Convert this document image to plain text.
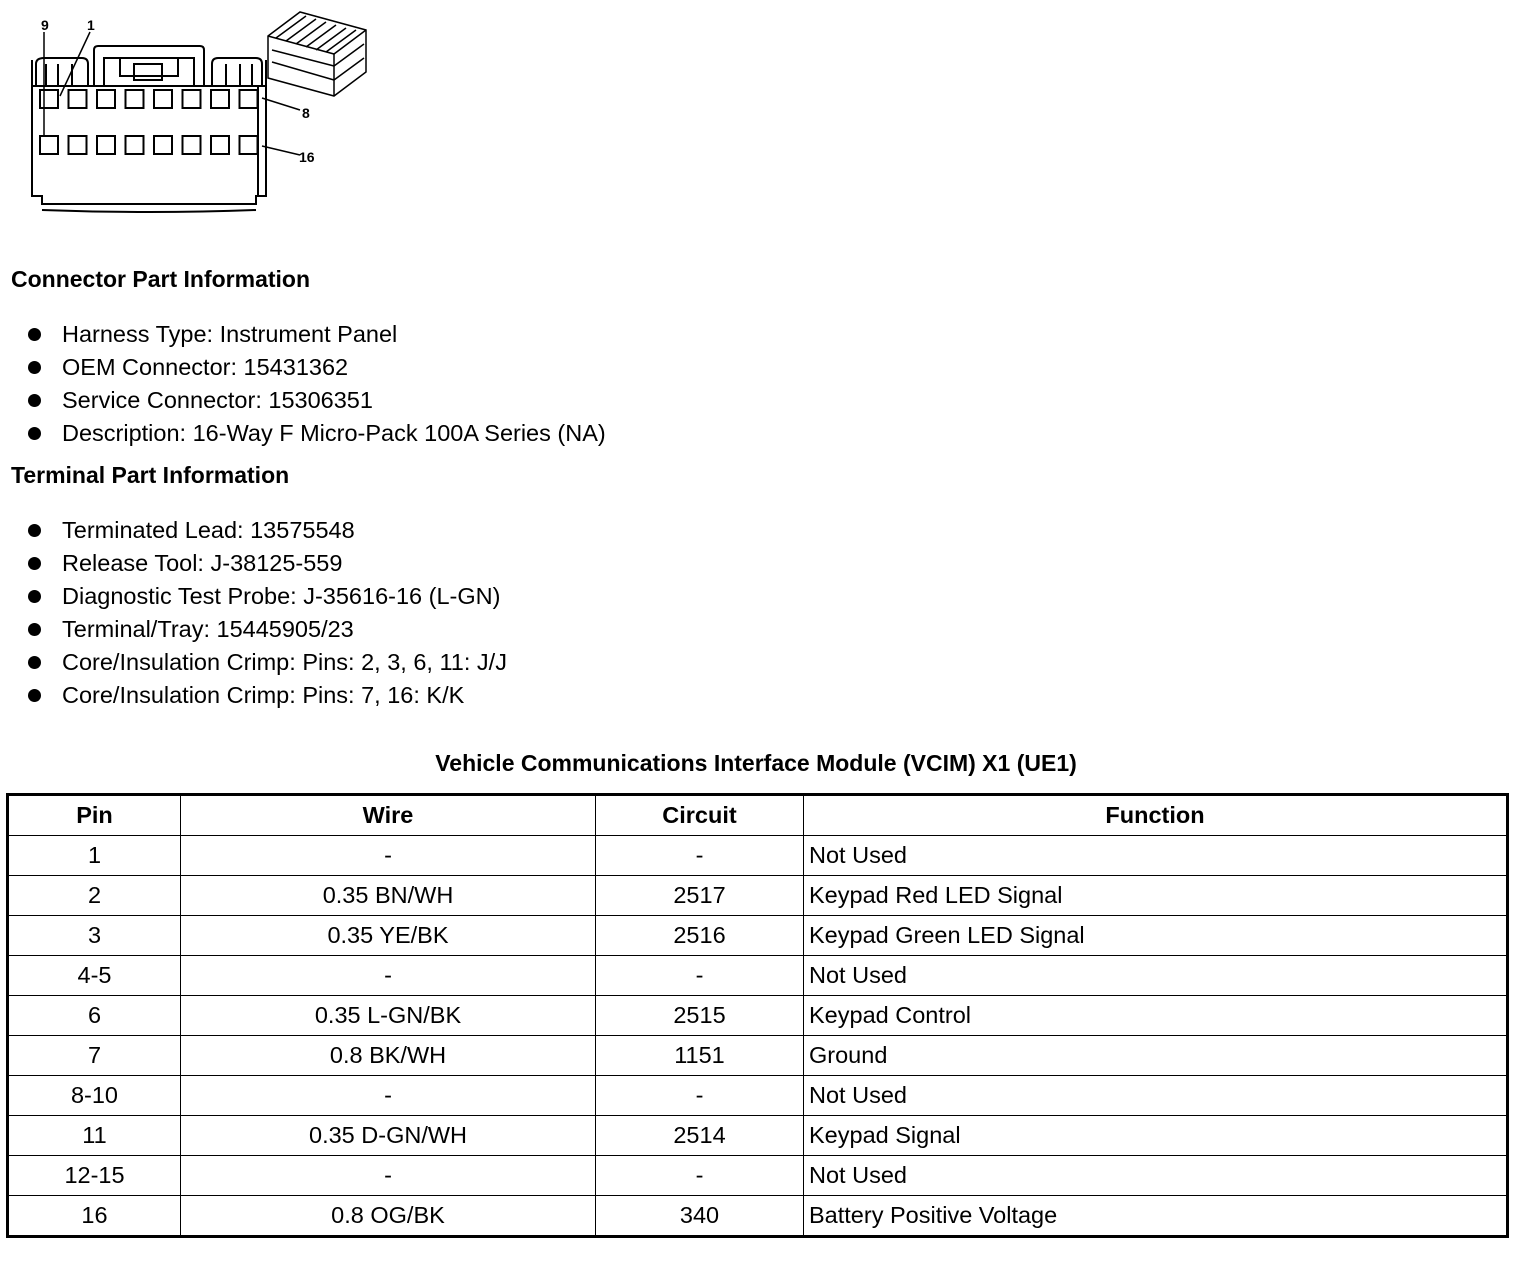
9	1
8
16
Connector Part Information
Harness Type: Instrument Panel
OEM Connector: 15431362
Service Connector: 15306351
Description: 16-Way F Micro-Pack 100A Series (NA)
Terminal Part Information
Terminated Lead: 13575548
Release Tool: J-38125-559
Diagnostic Test Probe: J-35616-16 (L-GN)
Terminal/Tray: 15445905/23
Core/Insulation Crimp: Pins: 2, 3, 6, 11: J/J
Core/Insulation Crimp: Pins: 7, 16: K/K
Vehicle Communications Interface Module (VCIM) X1 (UE1)
Pin	Wire	Circuit	Function
1	-	-	Not Used
2	0.35 BN/WH	2517	Keypad Red LED Signal
3	0.35 YE/BK	2516	Keypad Green LED Signal
4-5	-	-	Not Used
6	0.35 L-GN/BK	2515	Keypad Control
7	0.8 BK/WH	1151	Ground
8-10	-	-	Not Used
11	0.35 D-GN/WH	2514	Keypad Signal
12-15	-	-	Not Used
16	0.8 OG/BK	340	Battery Positive Voltage
